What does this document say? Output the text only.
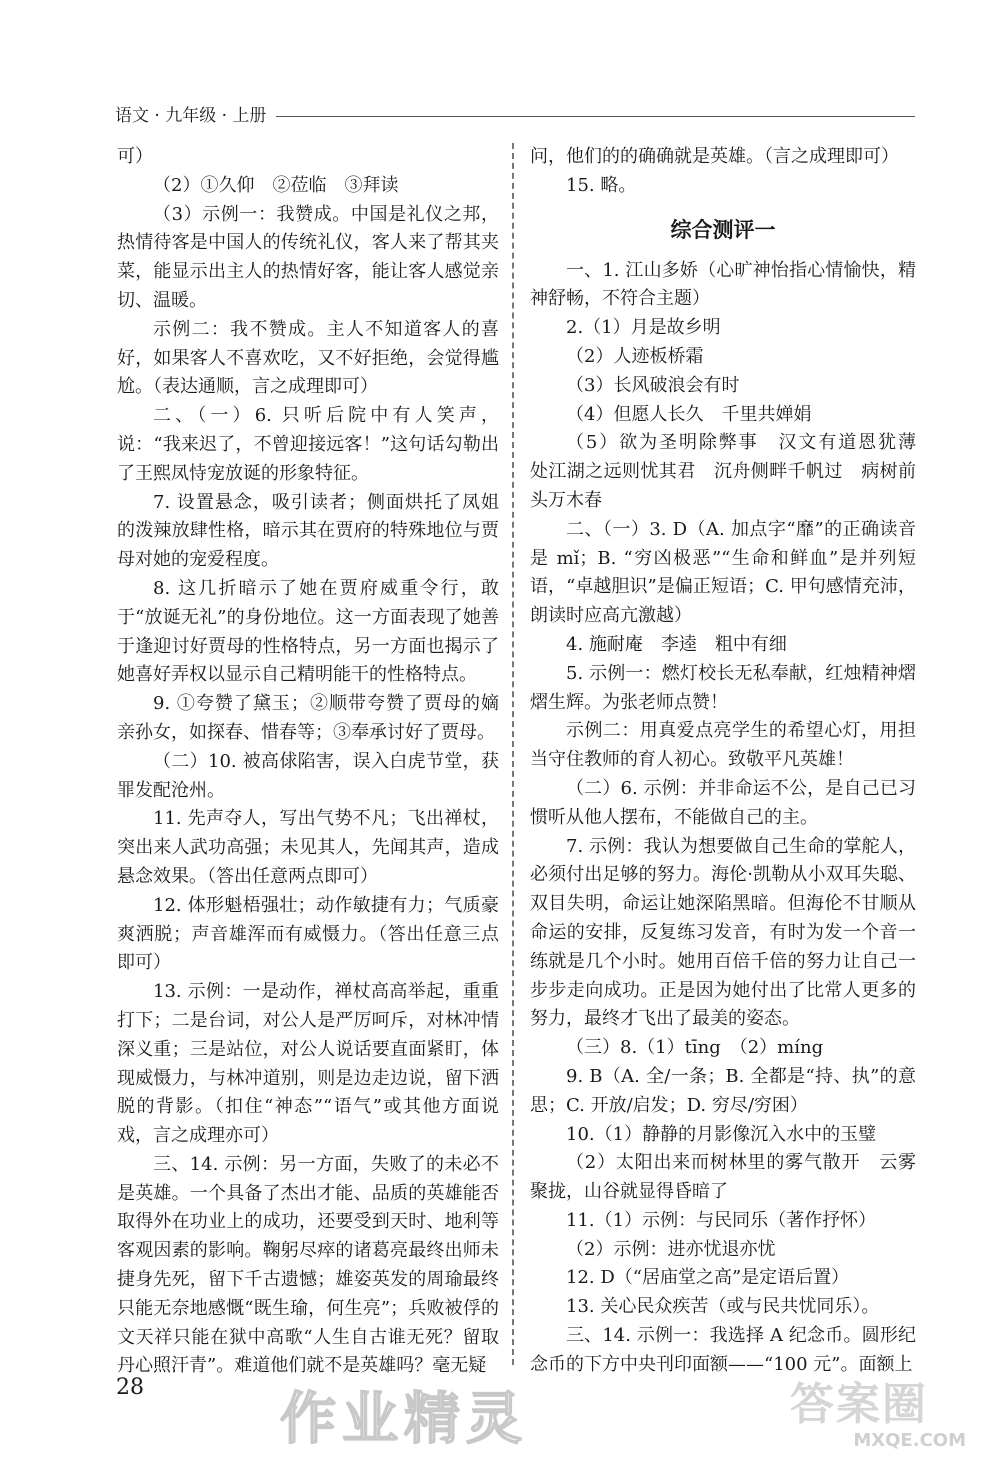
语文 · 九年级 · 上册

可）

（2）①久仰　②莅临　③拜读

（3）示例一：我赞成。中国是礼仪之邦，热情待客是中国人的传统礼仪，客人来了帮其夹菜，能显示出主人的热情好客，能让客人感觉亲切、温暖。

示例二：我不赞成。主人不知道客人的喜好，如果客人不喜欢吃，又不好拒绝，会觉得尴尬。（表达通顺，言之成理即可）

二、（一）6. 只听后院中有人笑声，说：“我来迟了，不曾迎接远客！”这句话勾勒出了王熙凤恃宠放诞的形象特征。

7. 设置悬念，吸引读者；侧面烘托了凤姐的泼辣放肆性格，暗示其在贾府的特殊地位与贾母对她的宠爱程度。

8. 这几折暗示了她在贾府威重令行，敢于“放诞无礼”的身份地位。这一方面表现了她善于逢迎讨好贾母的性格特点，另一方面也揭示了她喜好弄权以显示自己精明能干的性格特点。

9. ①夸赞了黛玉；②顺带夸赞了贾母的嫡亲孙女，如探春、惜春等；③奉承讨好了贾母。

（二）10. 被高俅陷害，误入白虎节堂，获罪发配沧州。

11. 先声夺人，写出气势不凡；飞出禅杖，突出来人武功高强；未见其人，先闻其声，造成悬念效果。（答出任意两点即可）

12. 体形魁梧强壮；动作敏捷有力；气质豪爽洒脱；声音雄浑而有威慑力。（答出任意三点即可）

13. 示例：一是动作，禅杖高高举起，重重打下；二是台词，对公人是严厉呵斥，对林冲情深义重；三是站位，对公人说话要直面紧盯，体现威慑力，与林冲道别，则是边走边说，留下洒脱的背影。（扣住“神态”“语气”或其他方面说戏，言之成理亦可）

三、14. 示例：另一方面，失败了的未必不是英雄。一个具备了杰出才能、品质的英雄能否取得外在功业上的成功，还要受到天时、地利等客观因素的影响。鞠躬尽瘁的诸葛亮最终出师未捷身先死，留下千古遗憾；雄姿英发的周瑜最终只能无奈地感慨“既生瑜，何生亮”；兵败被俘的文天祥只能在狱中高歌“人生自古谁无死？留取丹心照汗青”。难道他们就不是英雄吗？毫无疑

问，他们的的确确就是英雄。（言之成理即可）

15. 略。

综合测评一

一、1. 江山多娇（心旷神怡指心情愉快，精神舒畅，不符合主题）

2.（1）月是故乡明

（2）人迹板桥霜

（3）长风破浪会有时

（4）但愿人长久　千里共婵娟

（5）欲为圣明除弊事　汉文有道恩犹薄　处江湖之远则忧其君　沉舟侧畔千帆过　病树前头万木春

二、（一）3. D（A. 加点字“靡”的正确读音是 mǐ；B. “穷凶极恶”“生命和鲜血”是并列短语，“卓越胆识”是偏正短语；C. 甲句感情充沛，朗读时应高亢激越）

4. 施耐庵　李逵　粗中有细

5. 示例一：燃灯校长无私奉献，红烛精神熠熠生辉。为张老师点赞！

示例二：用真爱点亮学生的希望心灯，用担当守住教师的育人初心。致敬平凡英雄！

（二）6. 示例：并非命运不公，是自己已习惯听从他人摆布，不能做自己的主。

7. 示例：我认为想要做自己生命的掌舵人，必须付出足够的努力。海伦·凯勒从小双耳失聪、双目失明，命运让她深陷黑暗。但海伦不甘顺从命运的安排，反复练习发音，有时为发一个音一练就是几个小时。她用百倍千倍的努力让自己一步步走向成功。正是因为她付出了比常人更多的努力，最终才飞出了最美的姿态。

（三）8.（1）tīng　（2）míng

9. B（A. 全/一条；B. 全都是“持、执”的意思；C. 开放/启发；D. 穷尽/穷困）

10.（1）静静的月影像沉入水中的玉璧

（2）太阳出来而树林里的雾气散开　云雾聚拢，山谷就显得昏暗了

11.（1）示例：与民同乐（著作抒怀）

（2）示例：进亦忧退亦忧

12. D（“居庙堂之高”是定语后置）

13. 关心民众疾苦（或与民共忧同乐）。

三、14. 示例一：我选择 A 纪念币。圆形纪念币的下方中央刊印面额——“100 元”。面额上

28 作业精灵	答案圈
MXQE.COM
